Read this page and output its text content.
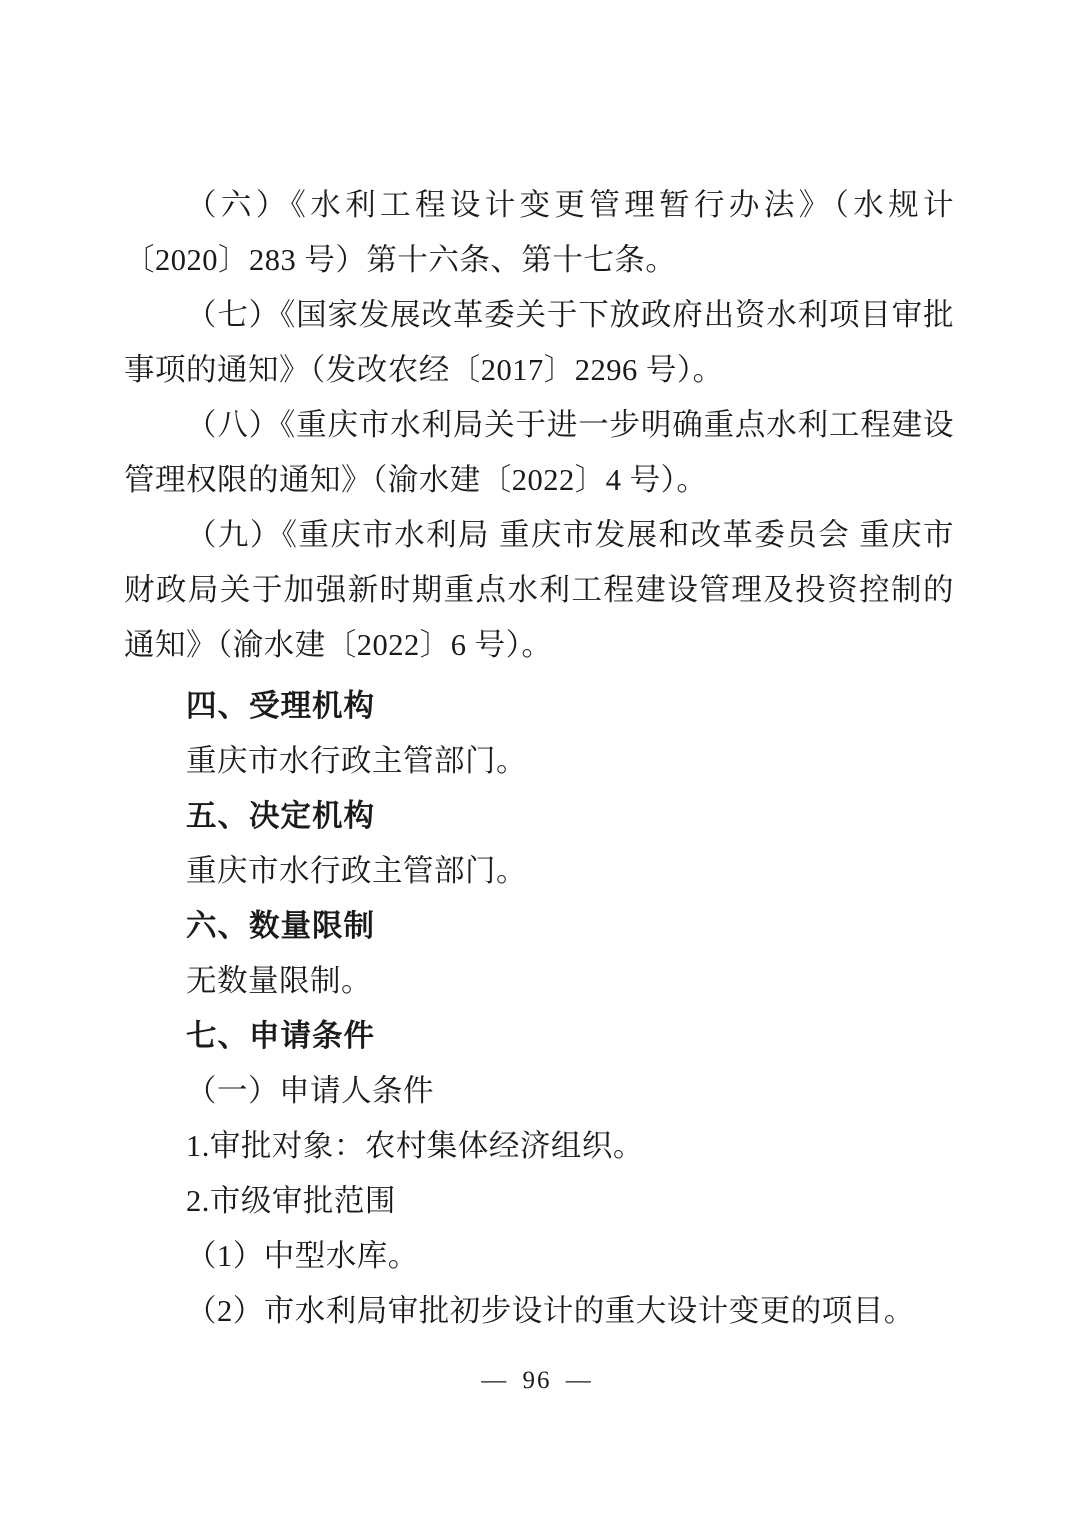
（六）《水利工程设计变更管理暂行办法》（水规计〔2020〕283 号）第十六条、第十七条。

（七）《国家发展改革委关于下放政府出资水利项目审批事项的通知》（发改农经〔2017〕2296 号）。

（八）《重庆市水利局关于进一步明确重点水利工程建设管理权限的通知》（渝水建〔2022〕4 号）。

（九）《重庆市水利局 重庆市发展和改革委员会 重庆市财政局关于加强新时期重点水利工程建设管理及投资控制的通知》（渝水建〔2022〕6 号）。

四、受理机构

重庆市水行政主管部门。

五、决定机构

重庆市水行政主管部门。

六、数量限制

无数量限制。

七、申请条件

（一）申请人条件

1.审批对象：农村集体经济组织。

2.市级审批范围

（1）中型水库。

（2）市水利局审批初步设计的重大设计变更的项目。

— 96 —
